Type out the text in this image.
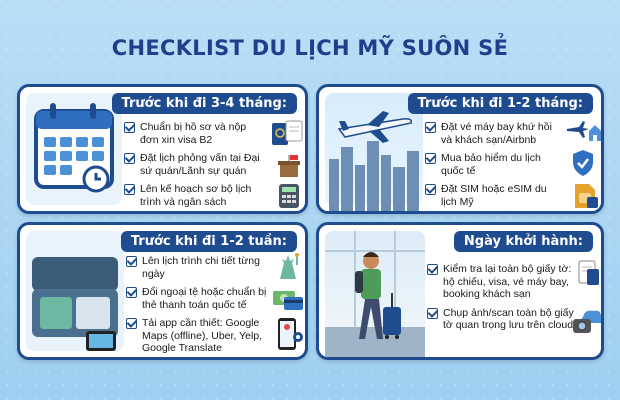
CHECKLIST DU LỊCH MỸ SUÔN SẺ
Trước khi đi 3-4 tháng:
Chuẩn bị hồ sơ và nộp đơn xin visa B2
Đặt lịch phỏng vấn tại Đại sứ quán/Lãnh sự quán
Lên kế hoạch sơ bộ lịch trình và ngân sách
Trước khi đi 1-2 tháng:
Đặt vé máy bay khứ hồi và khách sạn/Airbnb
Mua bảo hiểm du lịch quốc tế
Đặt SIM hoặc eSIM du lịch Mỹ
Trước khi đi 1-2 tuần:
Lên lịch trình chi tiết từng ngày
Đổi ngoại tệ hoặc chuẩn bị thẻ thanh toán quốc tế
Tải app cần thiết: Google Maps (offline), Uber, Yelp, Google Translate
Ngày khởi hành:
Kiểm tra lại toàn bộ giấy tờ: hộ chiếu, visa, vé máy bay, booking khách sạn
Chụp ảnh/scan toàn bộ giấy tờ quan trọng lưu trên cloud
